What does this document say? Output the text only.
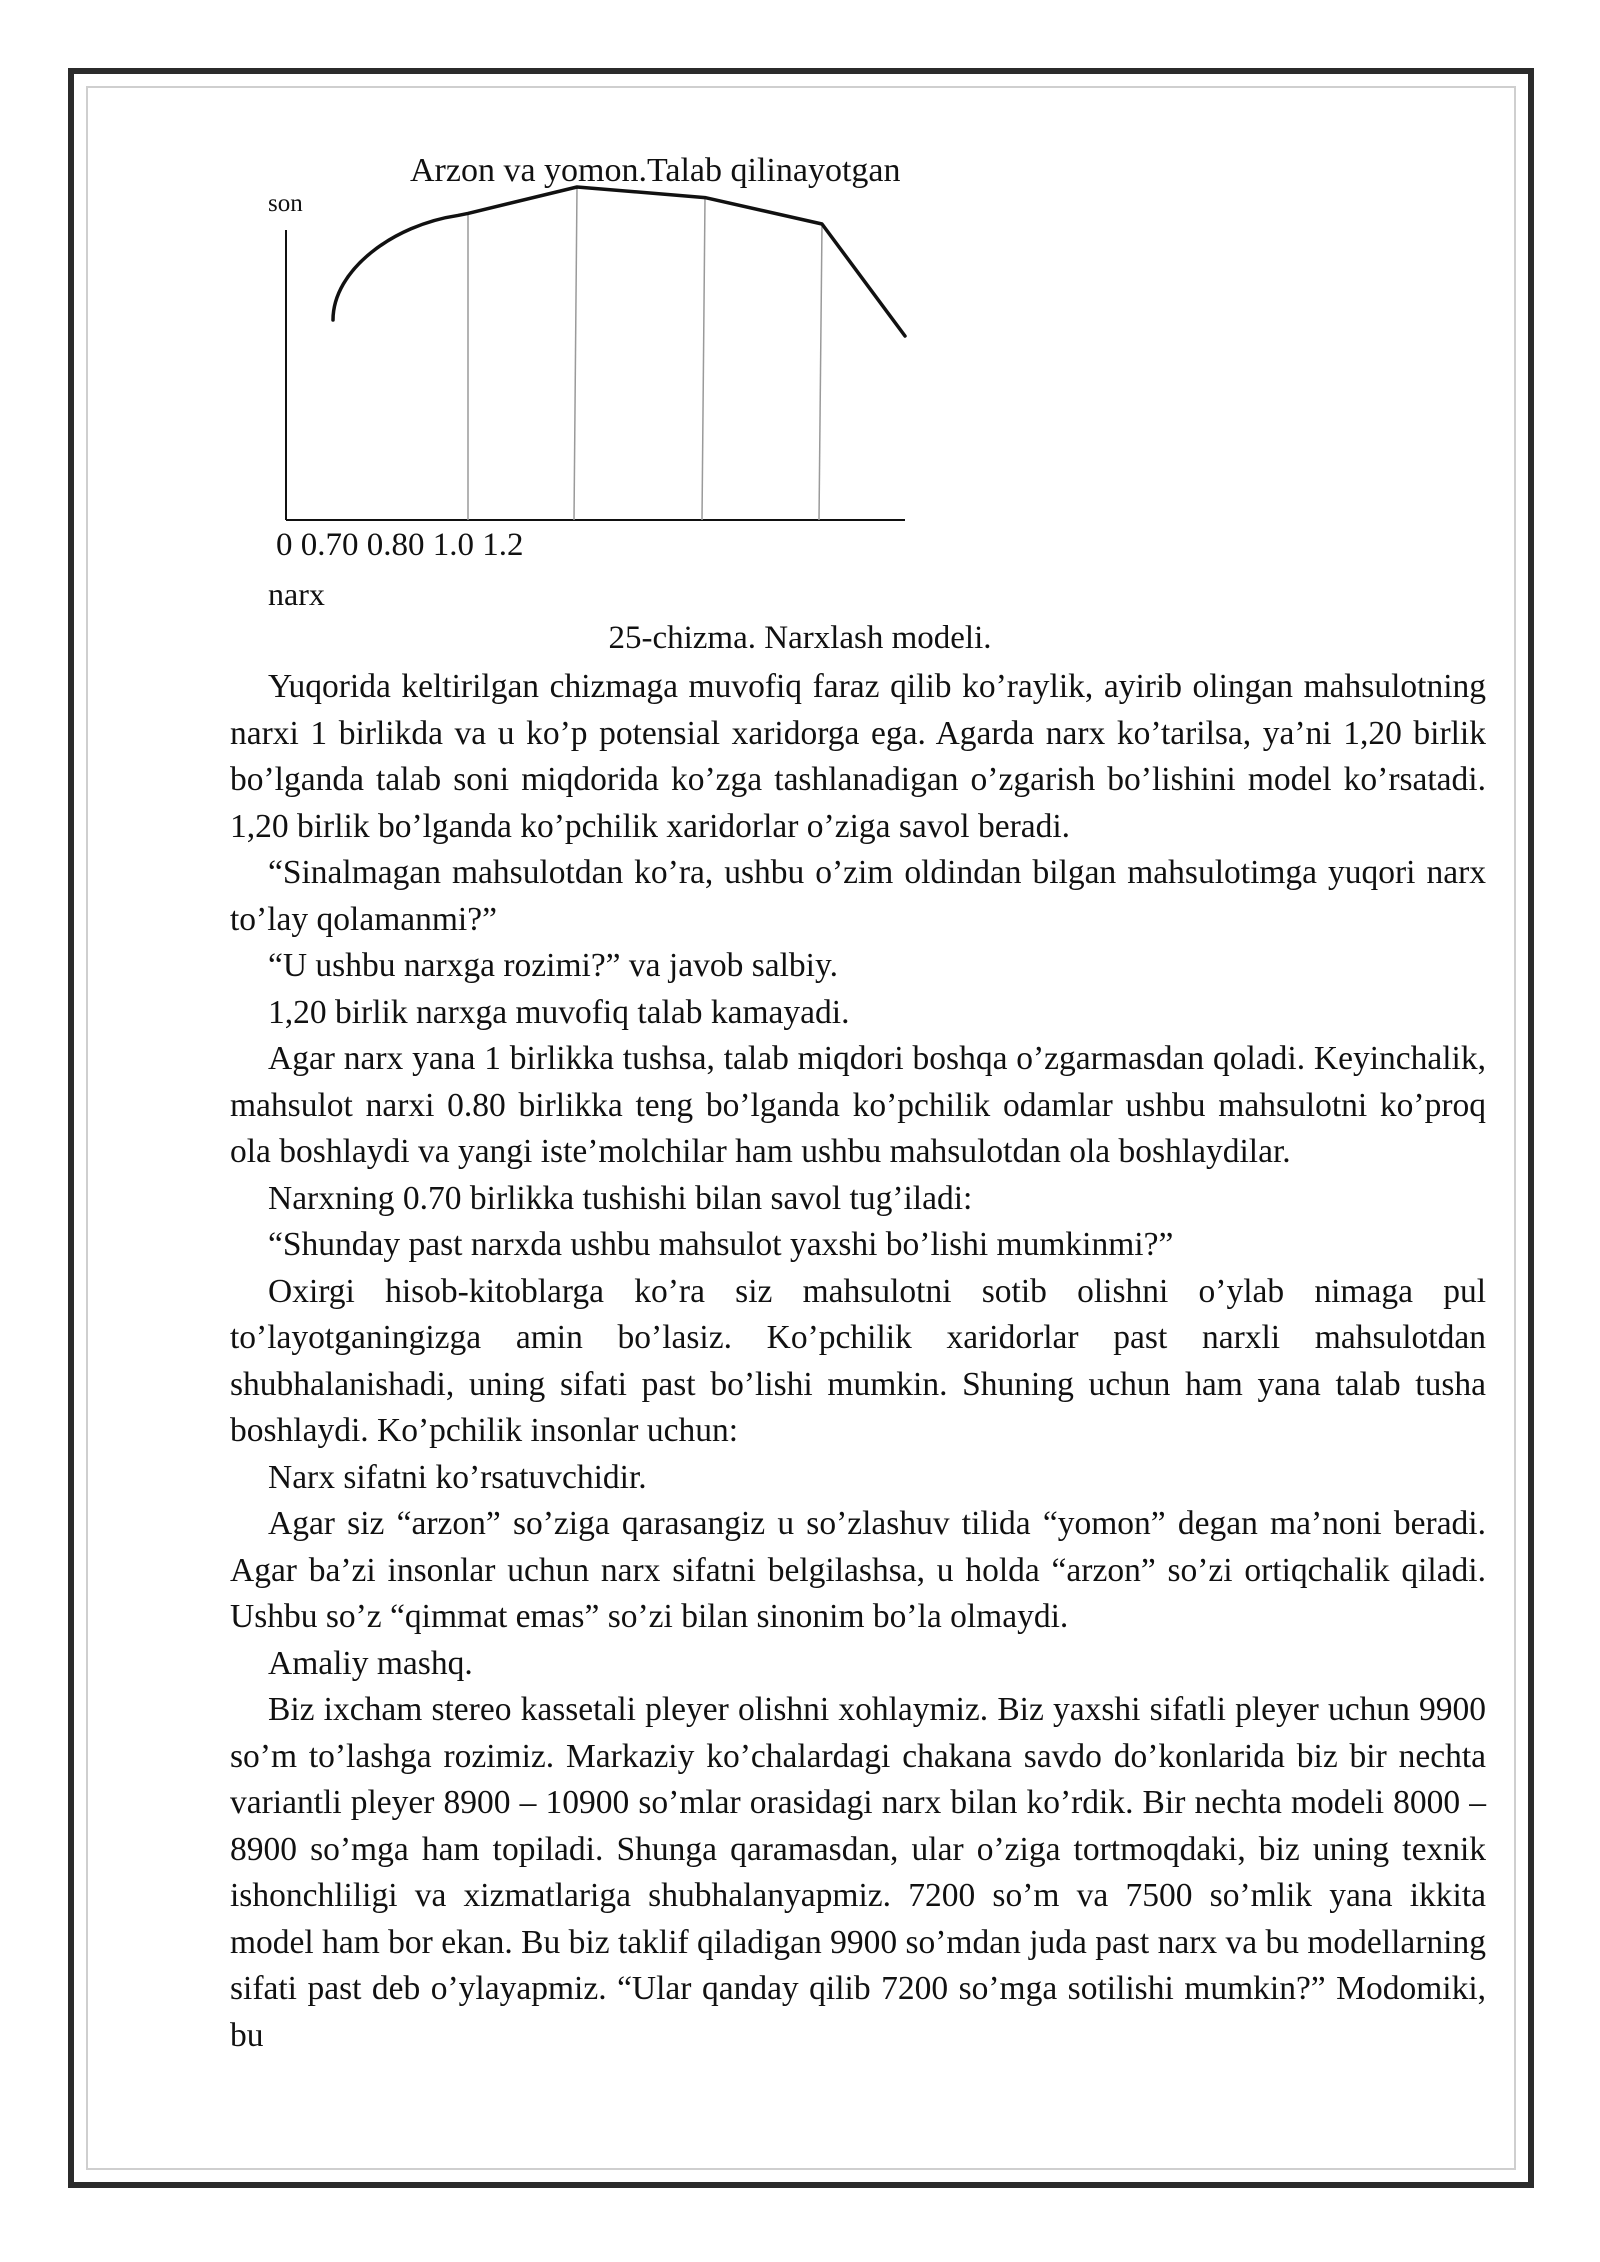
Arzon va yomon.Talab qilinayotgan
son
0 0.70 0.80 1.0 1.2
narx
25-chizma. Narxlash modeli.

Yuqorida keltirilgan chizmaga muvofiq faraz qilib ko’raylik, ayirib olingan mahsulotning narxi 1 birlikda va u ko’p potensial xaridorga ega. Agarda narx ko’tarilsa, ya’ni 1,20 birlik bo’lganda talab soni miqdorida ko’zga tashlanadigan o’zgarish bo’lishini model ko’rsatadi. 1,20 birlik bo’lganda ko’pchilik xaridorlar o’ziga savol beradi.

“Sinalmagan mahsulotdan ko’ra, ushbu o’zim oldindan bilgan mahsulotimga yuqori narx to’lay qolamanmi?”

“U ushbu narxga rozimi?” va javob salbiy.

1,20 birlik narxga muvofiq talab kamayadi.

Agar narx yana 1 birlikka tushsa, talab miqdori boshqa o’zgarmasdan qoladi. Keyinchalik, mahsulot narxi 0.80 birlikka teng bo’lganda ko’pchilik odamlar ushbu mahsulotni ko’proq ola boshlaydi va yangi iste’molchilar ham ushbu mahsulotdan ola boshlaydilar.

Narxning 0.70 birlikka tushishi bilan savol tug’iladi:

“Shunday past narxda ushbu mahsulot yaxshi bo’lishi mumkinmi?”

Oxirgi hisob-kitoblarga ko’ra siz mahsulotni sotib olishni o’ylab nimaga pul to’layotganingizga amin bo’lasiz. Ko’pchilik xaridorlar past narxli mahsulotdan shubhalanishadi, uning sifati past bo’lishi mumkin. Shuning uchun ham yana talab tusha boshlaydi. Ko’pchilik insonlar uchun:

Narx sifatni ko’rsatuvchidir.

Agar siz “arzon” so’ziga qarasangiz u so’zlashuv tilida “yomon” degan ma’noni beradi. Agar ba’zi insonlar uchun narx sifatni belgilashsa, u holda “arzon” so’zi ortiqchalik qiladi. Ushbu so’z “qimmat emas” so’zi bilan sinonim bo’la olmaydi.

Amaliy mashq.

Biz ixcham stereo kassetali pleyer olishni xohlaymiz. Biz yaxshi sifatli pleyer uchun 9900 so’m to’lashga rozimiz. Markaziy ko’chalardagi chakana savdo do’konlarida biz bir nechta variantli pleyer 8900 – 10900 so’mlar orasidagi narx bilan ko’rdik. Bir nechta modeli 8000 – 8900 so’mga ham topiladi. Shunga qaramasdan, ular o’ziga tortmoqdaki, biz uning texnik ishonchliligi va xizmatlariga shubhalanyapmiz. 7200 so’m va 7500 so’mlik yana ikkita model ham bor ekan. Bu biz taklif qiladigan 9900 so’mdan juda past narx va bu modellarning sifati past deb o’ylayapmiz. “Ular qanday qilib 7200 so’mga sotilishi mumkin?” Modomiki, bu
